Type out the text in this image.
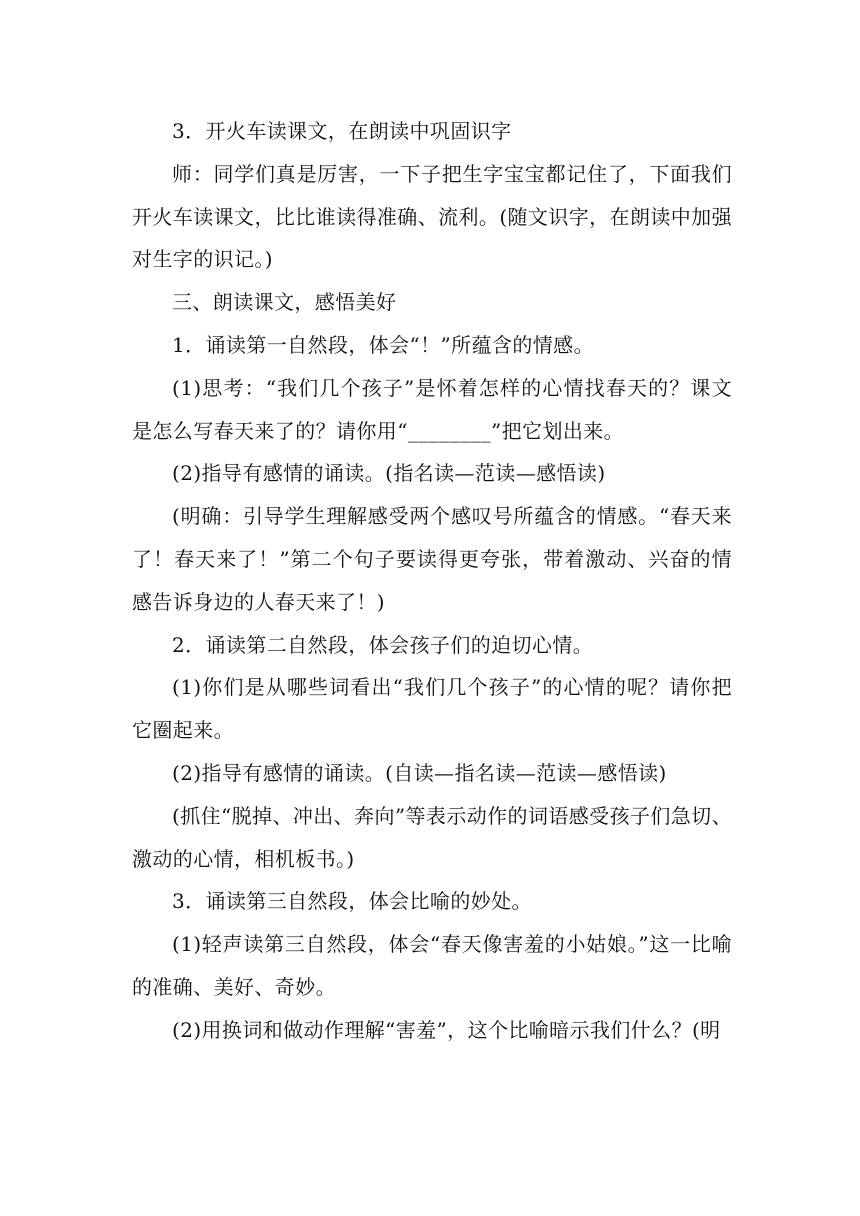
3．开火车读课文，在朗读中巩固识字

师：同学们真是厉害，一下子把生字宝宝都记住了，下面我们开火车读课文，比比谁读得准确、流利。(随文识字，在朗读中加强对生字的识记。)

三、朗读课文，感悟美好

1．诵读第一自然段，体会“！”所蕴含的情感。

(1)思考：“我们几个孩子”是怀着怎样的心情找春天的？课文是怎么写春天来了的？请你用“________”把它划出来。

(2)指导有感情的诵读。(指名读—范读—感悟读)

(明确：引导学生理解感受两个感叹号所蕴含的情感。“春天来了！春天来了！”第二个句子要读得更夸张，带着激动、兴奋的情感告诉身边的人春天来了！)

2．诵读第二自然段，体会孩子们的迫切心情。

(1)你们是从哪些词看出“我们几个孩子”的心情的呢？请你把它圈起来。

(2)指导有感情的诵读。(自读—指名读—范读—感悟读)

(抓住“脱掉、冲出、奔向”等表示动作的词语感受孩子们急切、激动的心情，相机板书。)

3．诵读第三自然段，体会比喻的妙处。

(1)轻声读第三自然段，体会“春天像害羞的小姑娘。”这一比喻的准确、美好、奇妙。

(2)用换词和做动作理解“害羞”，这个比喻暗示我们什么？(明
